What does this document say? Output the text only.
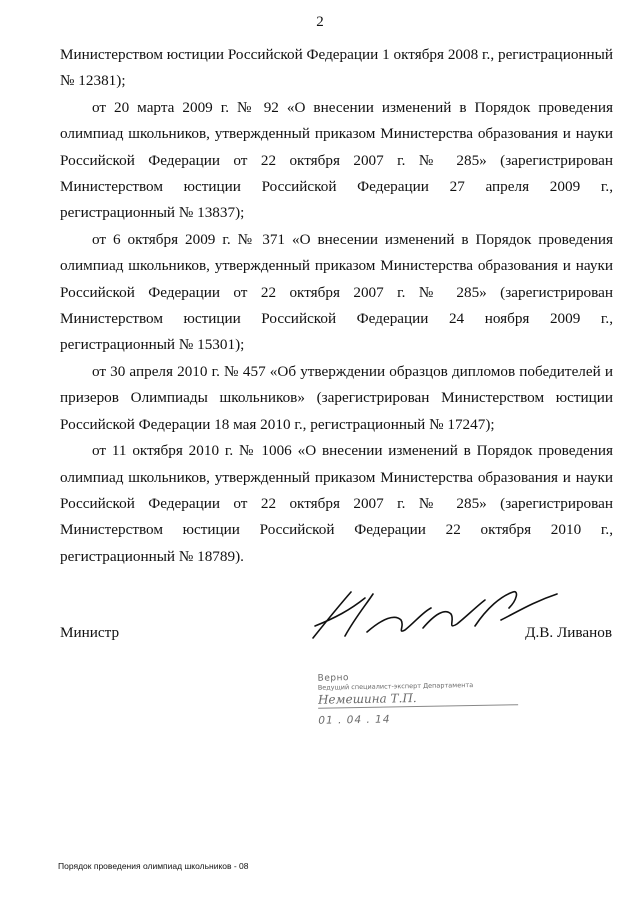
2

Министерством юстиции Российской Федерации 1 октября 2008 г., регистрационный № 12381);

от 20 марта 2009 г. № 92 «О внесении изменений в Порядок проведения олимпиад школьников, утвержденный приказом Министерства образования и науки Российской Федерации от 22 октября 2007 г. № 285» (зарегистрирован Министерством юстиции Российской Федерации 27 апреля 2009 г., регистрационный № 13837);

от 6 октября 2009 г. № 371 «О внесении изменений в Порядок проведения олимпиад школьников, утвержденный приказом Министерства образования и науки Российской Федерации от 22 октября 2007 г. № 285» (зарегистрирован Министерством юстиции Российской Федерации 24 ноября 2009 г., регистрационный № 15301);

от 30 апреля 2010 г. № 457 «Об утверждении образцов дипломов победителей и призеров Олимпиады школьников» (зарегистрирован Министерством юстиции Российской Федерации 18 мая 2010 г., регистрационный № 17247);

от 11 октября 2010 г. № 1006 «О внесении изменений в Порядок проведения олимпиад школьников, утвержденный приказом Министерства образования и науки Российской Федерации от 22 октября 2007 г. № 285» (зарегистрирован Министерством юстиции Российской Федерации 22 октября 2010 г., регистрационный № 18789).

Министр	Д.В. Ливанов
Верно
Ведущий специалист-эксперт Департамента
Немешина Т.П.
01 . 04 . 14
Порядок проведения олимпиад школьников - 08
